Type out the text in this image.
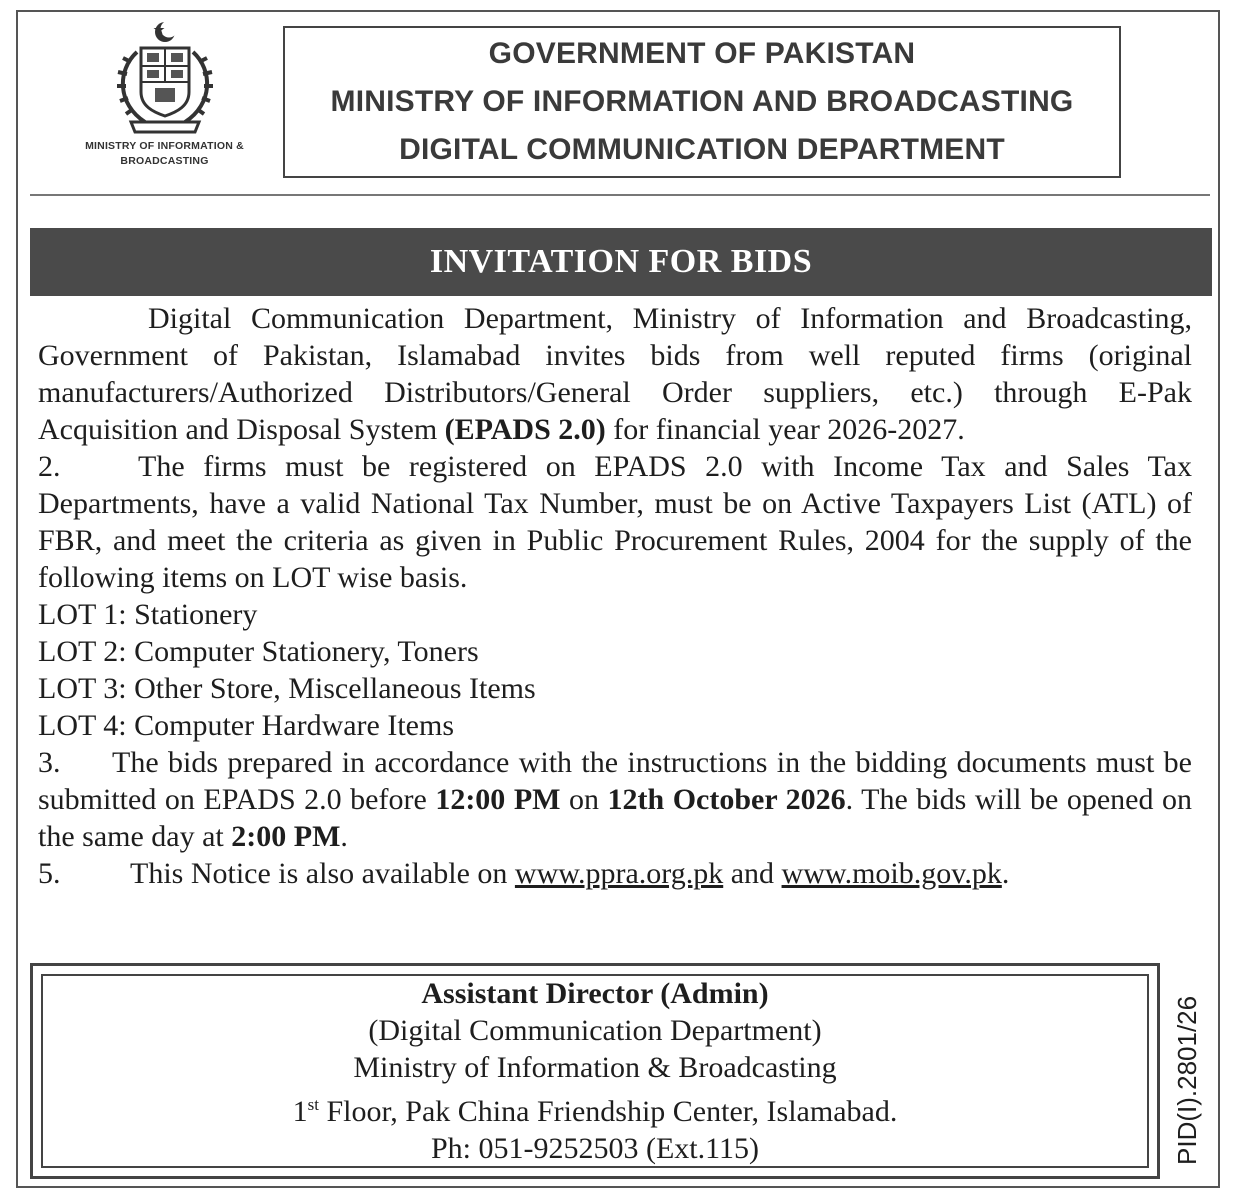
MINISTRY OF INFORMATION &
BROADCASTING
GOVERNMENT OF PAKISTAN
MINISTRY OF INFORMATION AND BROADCASTING
DIGITAL COMMUNICATION DEPARTMENT
INVITATION FOR BIDS

Digital Communication Department, Ministry of Information and Broadcasting, Government of Pakistan, Islamabad invites bids from well reputed firms (original manufacturers/Authorized Distributors/General Order suppliers, etc.) through E-Pak Acquisition and Disposal System (EPADS 2.0) for financial year 2026-2027.

2.	The firms must be registered on EPADS 2.0 with Income Tax and Sales Tax Departments, have a valid National Tax Number, must be on Active Taxpayers List (ATL) of FBR, and meet the criteria as given in Public Procurement Rules, 2004 for the supply of the following items on LOT wise basis.

LOT 1: Stationery

LOT 2: Computer Stationery, Toners

LOT 3: Other Store, Miscellaneous Items

LOT 4: Computer Hardware Items

3. The bids prepared in accordance with the instructions in the bidding documents must be submitted on EPADS 2.0 before 12:00 PM on 12th October 2026. The bids will be opened on the same day at 2:00 PM.

5. This Notice is also available on www.ppra.org.pk and www.moib.gov.pk.

Assistant Director (Admin)
(Digital Communication Department)
Ministry of Information & Broadcasting
1st Floor, Pak China Friendship Center, Islamabad.
Ph: 051-9252503 (Ext.115)	PID(I).2801/26
